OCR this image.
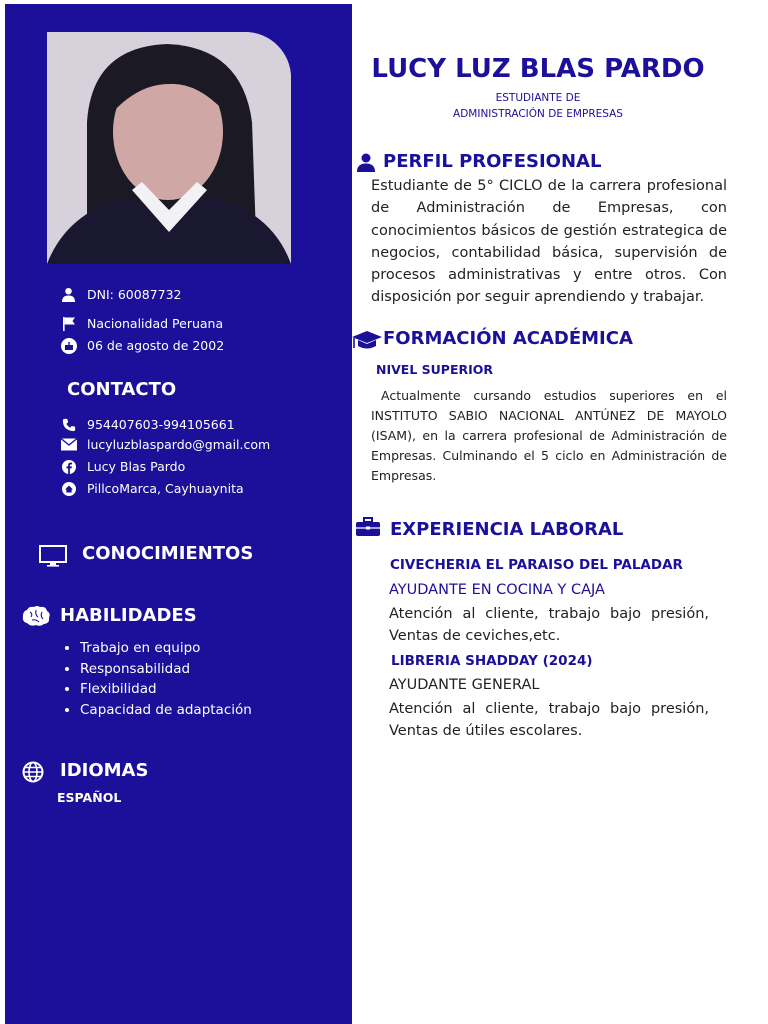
DNI: 60087732
Nacionalidad Peruana
06 de agosto de 2002
CONTACTO
954407603-994105661
lucyluzblaspardo@gmail.com
Lucy Blas Pardo
PillcoMarca, Cayhuaynita
CONOCIMIENTOS
HABILIDADES
• Trabajo en equipo
• Responsabilidad
• Flexibilidad
• Capacidad de adaptación
IDIOMAS
ESPAÑOL
LUCY LUZ BLAS PARDO
ESTUDIANTE DE
ADMINISTRACIÓN DE EMPRESAS
PERFIL PROFESIONAL
Estudiante de 5° CICLO de la carrera profesional de Administración de Empresas, con conocimientos básicos de gestión estrategica de negocios, contabilidad básica, supervisión de procesos administrativas y entre otros. Con disposición por seguir aprendiendo y trabajar.
FORMACIÓN ACADÉMICA
NIVEL SUPERIOR
Actualmente cursando estudios superiores en el INSTITUTO SABIO NACIONAL ANTÚNEZ DE MAYOLO (ISAM), en la carrera profesional de Administración de Empresas. Culminando el 5 ciclo en Administración de Empresas.
EXPERIENCIA LABORAL
CIVECHERIA EL PARAISO DEL PALADAR
AYUDANTE EN COCINA Y CAJA
Atención al cliente, trabajo bajo presión, Ventas de ceviches,etc.
LIBRERIA SHADDAY (2024)
AYUDANTE GENERAL
Atención al cliente, trabajo bajo presión, Ventas de útiles escolares.
